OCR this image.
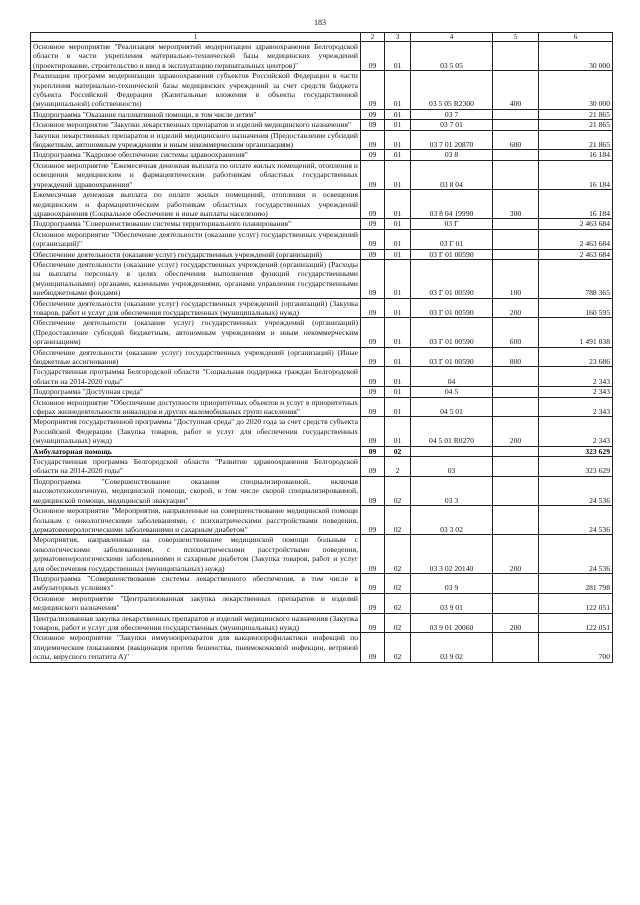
183
1	2	3	4	5	6
Основное мероприятие "Реализация мероприятий модернизации здравоохранения Белгородской области в части укрепления материально-технической базы медицинских учреждений (проектирование, строительство и ввод в эксплуатацию перинатальных центров)"	09	01	03 5 05		30 000
Реализация программ модернизации здравоохранения субъектов Российской Федерации в части укрепления материально-технической базы медицинских учреждений за счет средств бюджета субъекта Российской Федерации (Капитальные вложения в объекты государственной (муниципальной) собственности)	09	01	03 5 05 R2300	400	30 000
Подпрограмма "Оказание паллиативной помощи, в том числе детям"	09	01	03 7		21 865
Основное мероприятие "Закупки лекарственных препаратов и изделий медицинского назначения"	09	01	03 7 01		21 865
Закупки лекарственных препаратов и изделий медицинского назначения (Предоставление субсидий бюджетным, автономным учреждениям и иным некоммерческим организациям)	09	01	03 7 01 20870	600	21 865
Подпрограмма "Кадровое обеспечение системы здравоохранения"	09	01	03 8		16 184
Основное мероприятие "Ежемесячная денежная выплата по оплате жилых помещений, отопления и освещения медицинским и фармацевтическим работникам областных государственных учреждений здравоохранения"	09	01	03 8 04		16 184
Ежемесячная денежная выплата по оплате жилых помещений, отопления и освещения медицинским и фармацевтическим работникам областных государственных учреждений здравоохранения (Социальное обеспечение и иные выплаты населению)	09	01	03 8 04 19990	300	16 184
Подпрограмма "Совершенствование системы территориального планирования"	09	01	03 Г		2 463 684
Основное мероприятие "Обеспечение деятельности (оказание услуг) государственных учреждений (организаций)"	09	01	03 Г 01		2 463 684
Обеспечение деятельности (оказание услуг) государственных учреждений (организаций)	09	01	03 Г 01 00590		2 463 684
Обеспечение деятельности (оказание услуг) государственных учреждений (организаций) (Расходы на выплаты персоналу в целях обеспечения выполнения функций государственными (муниципальными) органами, казенными учреждениями, органами управления государственными внебюджетными фондами)	09	01	03 Г 01 00590	100	788 365
Обеспечение деятельности (оказание услуг) государственных учреждений (организаций) (Закупка товаров, работ и услуг для обеспечения государственных (муниципальных) нужд)	09	01	03 Г 01 00590	200	160 595
Обеспечение деятельности (оказание услуг) государственных учреждений (организаций) (Предоставление субсидий бюджетным, автономным учреждениям и иным некоммерческим организациям)	09	01	03 Г 01 00590	600	1 491 038
Обеспечение деятельности (оказание услуг) государственных учреждений (организаций) (Иные бюджетные ассигнования)	09	01	03 Г 01 00590	800	23 686
Государственная программа Белгородской области "Социальная поддержка граждан Белгородской области на 2014-2020 годы"	09	01	04		2 343
Подпрограмма "Доступная среда"	09	01	04 5		2 343
Основное мероприятие "Обеспечение доступности приоритетных объектов и услуг в приоритетных сферах жизнедеятельности инвалидов и других маломобильных групп населения"	09	01	04 5 01		2 343
Мероприятия государственной программы "Доступная среда" до 2020 года за счет средств субъекта Российской Федерации (Закупка товаров, работ и услуг для обеспечения государственных (муниципальных) нужд)	09	01	04 5 01 R0270	200	2 343
Амбулаторная помощь	09	02			323 629
Государственная программа Белгородской области "Развитие здравоохранения Белгородской области на 2014-2020 годы"	09	2	03		323 629
Подпрограмма "Совершенствование оказания специализированной, включая высокотехнологичную, медицинской помощи, скорой, в том числе скорой специализированной, медицинской помощи, медицинской эвакуации"	09	02	03 3		24 536
Основное мероприятие "Мероприятия, направленные на совершенствование медицинской помощи больным с онкологическими заболеваниями, с психиатрическими расстройствами поведения, дерматовенерологическими заболеваниями и сахарным диабетом"	09	02	03 3 02		24 536
Мероприятия, направленные на совершенствование медицинской помощи больным с онкологическими заболеваниями, с психиатрическими расстройствами поведения, дерматовенерологическими заболеваниями и сахарным диабетом (Закупка товаров, работ и услуг для обеспечения государственных (муниципальных) нужд)	09	02	03 3 02 20140	200	24 536
Подпрограмма "Совершенствование системы лекарственного обеспечения, в том числе в амбулаторных условиях"	09	02	03 9		281 798
Основное мероприятие "Централизованная закупка лекарственных препаратов и изделий медицинского назначения"	09	02	03 9 01		122 051
Централизованная закупка лекарственных препаратов и изделий медицинского назначения (Закупка товаров, работ и услуг для обеспечения государственных (муниципальных) нужд)	09	02	03 9 01 20060	200	122 051
Основное мероприятие "Закупки иммунопрепаратов для вакцинопрофилактики инфекций по эпидемическим показаниям (вакцинация против бешенства, пневмококковой инфекции, ветряной оспы, вирусного гепатита А)"	09	02	03 9 02		700
